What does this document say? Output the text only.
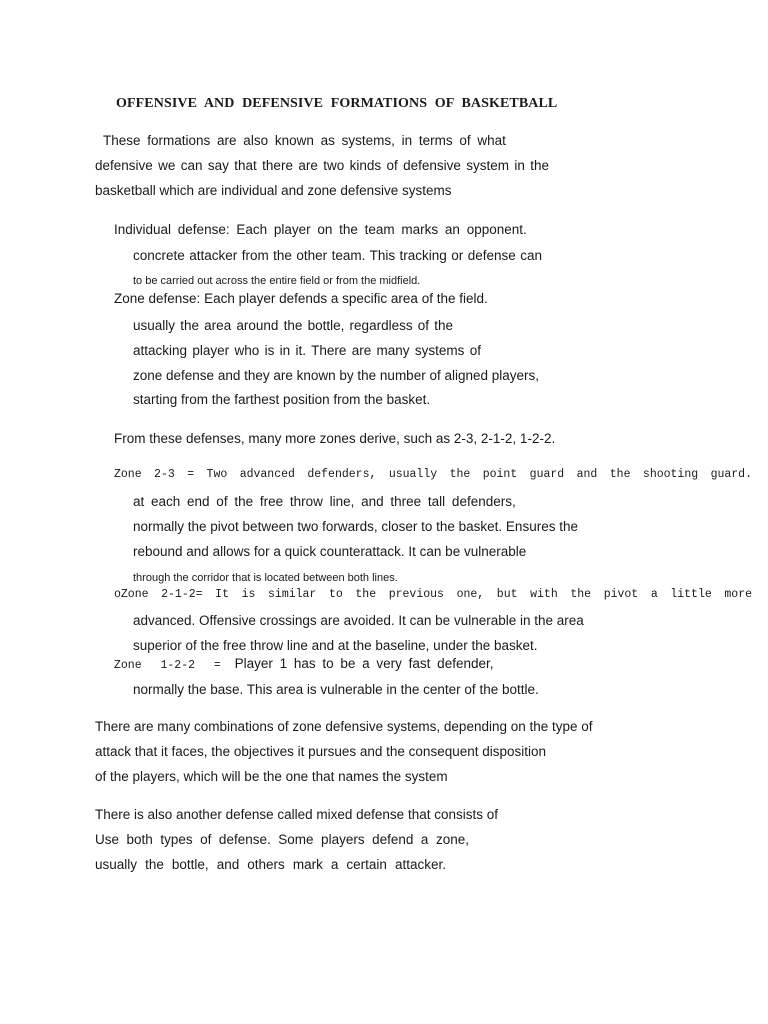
OFFENSIVE AND DEFENSIVE FORMATIONS OF BASKETBALL

These formations are also known as systems, in terms of what

defensive we can say that there are two kinds of defensive system in the

basketball which are individual and zone defensive systems

Individual defense: Each player on the team marks an opponent.

concrete attacker from the other team. This tracking or defense can

to be carried out across the entire field or from the midfield.

Zone defense: Each player defends a specific area of the field.

usually the area around the bottle, regardless of the

attacking player who is in it. There are many systems of

zone defense and they are known by the number of aligned players,

starting from the farthest position from the basket.

From these defenses, many more zones derive, such as 2-3, 2-1-2, 1-2-2.

Zone 2-3 = Two advanced defenders, usually the point guard and the shooting guard.

at each end of the free throw line, and three tall defenders,

normally the pivot between two forwards, closer to the basket. Ensures the

rebound and allows for a quick counterattack. It can be vulnerable

through the corridor that is located between both lines.

oZone 2-1-2= It is similar to the previous one, but with the pivot a little more

advanced. Offensive crossings are avoided. It can be vulnerable in the area

superior of the free throw line and at the baseline, under the basket.

Zone 1-2-2 = Player 1 has to be a very fast defender,

normally the base. This area is vulnerable in the center of the bottle.

There are many combinations of zone defensive systems, depending on the type of

attack that it faces, the objectives it pursues and the consequent disposition

of the players, which will be the one that names the system

There is also another defense called mixed defense that consists of

Use both types of defense. Some players defend a zone,

usually the bottle, and others mark a certain attacker.
